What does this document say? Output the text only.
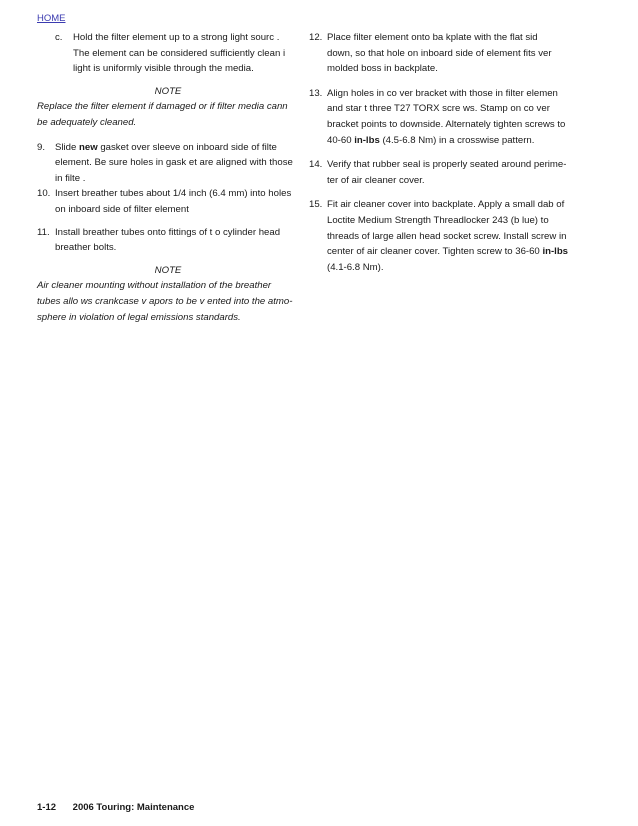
HOME
c. Hold the filter element up to a strong light sourc .
The element can be considered sufficiently clean i
light is uniformly visible through the media.

NOTE

Replace the filter element if damaged or if filter media cann
be adequately cleaned.
9. Slide new gasket over sleeve on inboard side of filte
element. Be sure holes in gask et are aligned with those
in filte .
10. Insert breather tubes about 1/4 inch (6.4 mm) into holes
on inboard side of filter element
11. Install breather tubes onto fittings of t o cylinder head
breather bolts.

NOTE

Air cleaner mounting without installation of the breather
tubes allo ws crankcase v apors to be v ented into the atmo-
sphere in violation of legal emissions standards.
12. Place filter element onto ba kplate with the flat sid
down, so that hole on inboard side of element fits ver
molded boss in backplate.
13. Align holes in co ver bracket with those in filter elemen
and star t three T27 TORX scre ws. Stamp on co ver
bracket points to downside. Alternately tighten screws to
40-60 in-lbs (4.5-6.8 Nm) in a crosswise pattern.
14. Verify that rubber seal is properly seated around perime-
ter of air cleaner cover.
15. Fit air cleaner cover into backplate. Apply a small dab of
Loctite Medium Strength Threadlocker 243 (b lue) to
threads of large allen head socket screw. Install screw in
center of air cleaner cover. Tighten screw to 36-60 in-lbs
(4.1-6.8 Nm).
1-12 2006 Touring: Maintenance
